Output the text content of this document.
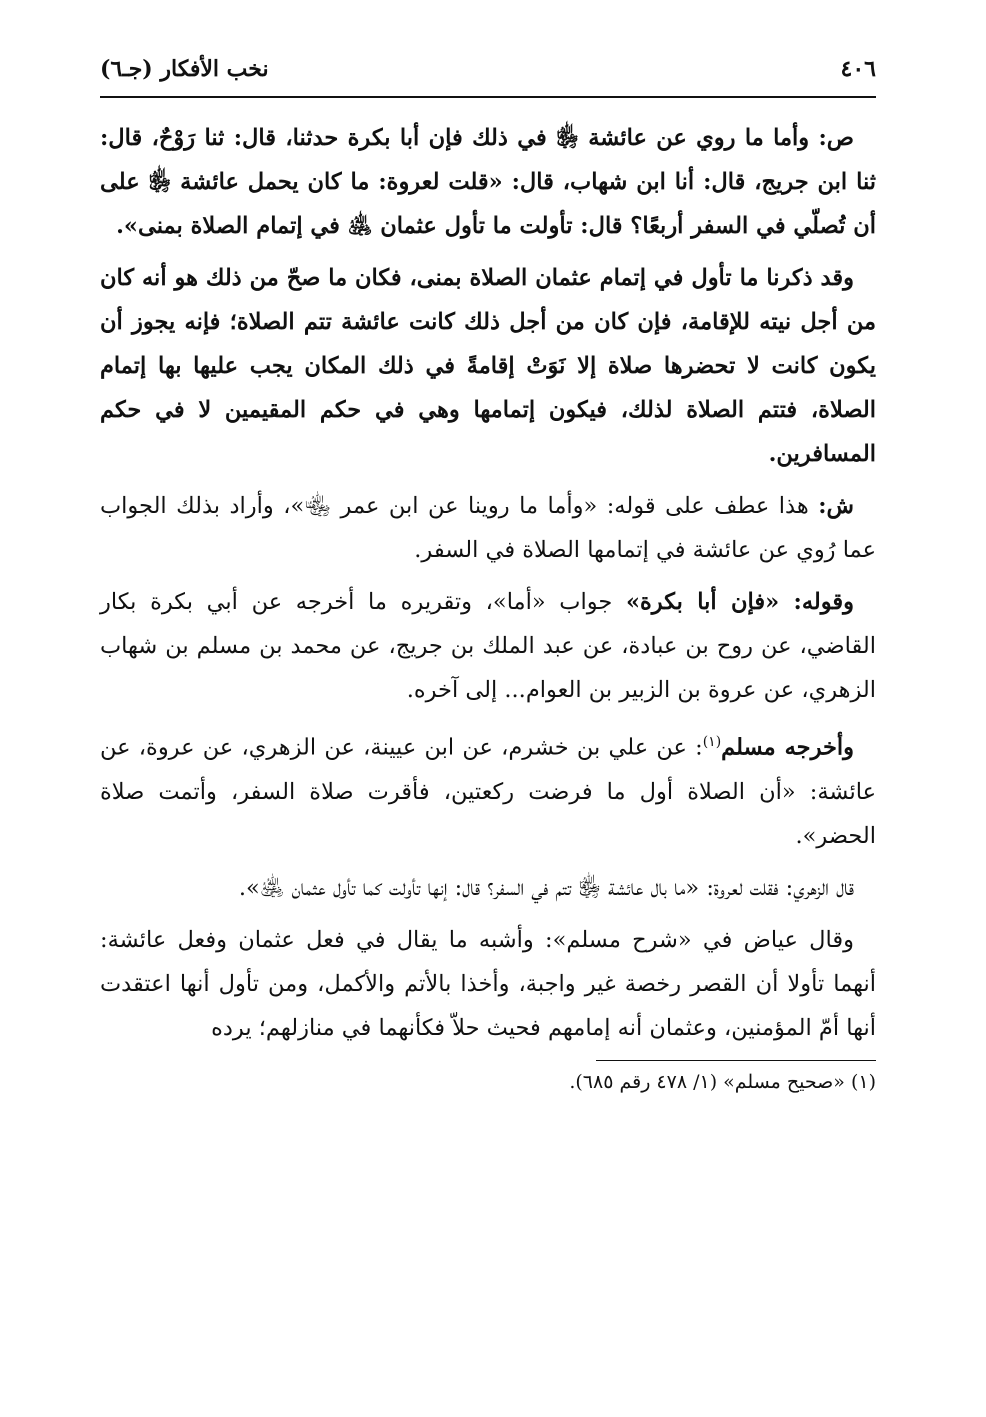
٤٠٦
نخب الأفكار (جـ٦)

ص: وأما ما روي عن عائشة ﵂ في ذلك فإن أبا بكرة حدثنا، قال: ثنا رَوْحٌ، قال: ثنا ابن جريج، قال: أنا ابن شهاب، قال: «قلت لعروة: ما كان يحمل عائشة ﵂ على أن تُصلّي في السفر أربعًا؟ قال: تأولت ما تأول عثمان ﵁ في إتمام الصلاة بمنى».

وقد ذكرنا ما تأول في إتمام عثمان الصلاة بمنى، فكان ما صحّ من ذلك هو أنه كان من أجل نيته للإقامة، فإن كان من أجل ذلك كانت عائشة تتم الصلاة؛ فإنه يجوز أن يكون كانت لا تحضرها صلاة إلا نَوَتْ إقامةً في ذلك المكان يجب عليها بها إتمام الصلاة، فتتم الصلاة لذلك، فيكون إتمامها وهي في حكم المقيمين لا في حكم المسافرين.

ش: هذا عطف على قوله: «وأما ما روينا عن ابن عمر ﵄»، وأراد بذلك الجواب عما رُوي عن عائشة في إتمامها الصلاة في السفر.

وقوله: «فإن أبا بكرة» جواب «أما»، وتقريره ما أخرجه عن أبي بكرة بكار القاضي، عن روح بن عبادة، عن عبد الملك بن جريج، عن محمد بن مسلم بن شهاب الزهري، عن عروة بن الزبير بن العوام... إلى آخره.

وأخرجه مسلم$^{(١)}$: عن علي بن خشرم، عن ابن عيينة، عن الزهري، عن عروة، عن عائشة: «أن الصلاة أول ما فرضت ركعتين، فأقرت صلاة السفر، وأتمت صلاة الحضر».

قال الزهري: فقلت لعروة: «ما بال عائشة ﵂ تتم في السفر؟ قال: إنها تأولت كما تأول عثمان ﵁».

وقال عياض في «شرح مسلم»: وأشبه ما يقال في فعل عثمان وفعل عائشة: أنهما تأولا أن القصر رخصة غير واجبة، وأخذا بالأتم والأكمل، ومن تأول أنها اعتقدت أنها أمّ المؤمنين، وعثمان أنه إمامهم فحيث حلاّ فكأنهما في منازلهم؛ يرده

(١) «صحيح مسلم» (١/ ٤٧٨ رقم ٦٨٥).
